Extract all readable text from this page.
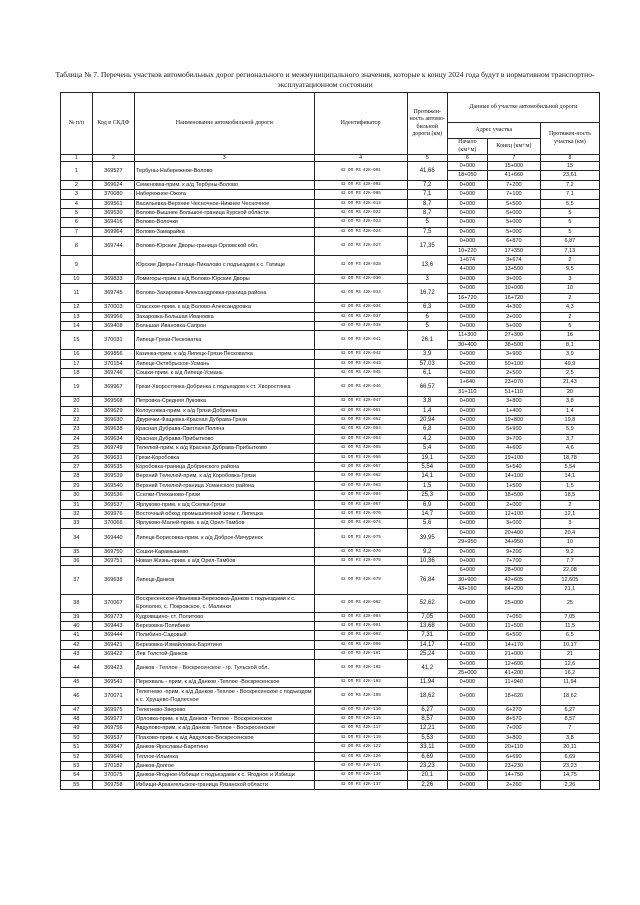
Таблица № 7. Перечень участков автомобильных дорог регионального и межмуниципального значения, которые к концу 2024 года будут в нормативном транспортно-эксплуатационном состоянии
№ п/п	Код в СКДФ	Наименование автомобильной дороги	Идентификатор	Протяжен-ность автомо-бильной дороги (км)	Данные об участке автомобильной дороги		
					Адрес участка		Протяжен-ность участка (км)
					Начало (км+м)	Конец (км+м)	
1	2	3	4	5	6	7	8
1	369527	Тербуны-Набережное-Волово	42 ОП РЗ 42К-001	41,66	0+000	15+000	15
					18+050	41+660	23,61
2	369624	Семеновка-прим. к а/д Тербуны-Волово	42 ОП РЗ 42К-002	7,2	0+000	7+200	7,2
3	370080	Набережное-Ожога	42 ОП РЗ 42К-005	7,1	0+000	7+100	7,1
4	369561	Васильевка-Верхнее Чесночное-Нижнее Чесночное	42 ОП РЗ 42К-013	8,7	0+000	5+500	5,5
5	369530	Волово-Вышнее Большое-граница Курской области	42 ОП РЗ 42К-022	8,7	0+000	5+000	5
6	369416	Волово-Волочки	42 ОП РЗ 42К-023	5	0+000	5+000	5
7	369964	Волово-Замарайка	42 ОП РЗ 42К-024	7,5	0+000	5+000	5
8	369744	Волово-Юрские Дворы-граница Орловской обл.	42 ОП РЗ 42К-027	17,35	0+000	6+870	6,87
					10+220	17+350	7,13
9		Юрские Дворы-Гатище-Пикалово с подъездом к с. Гатище	42 ОП РЗ 42К-028	13,6	1+674	3+674	2
					4+000	13+500	9,5
10	369833	Ломигоры-прим.к а/д Волово-Юрские Дворы	42 ОП РЗ 42К-030	3	0+000	3+000	3
11	369745	Волово-Захаровка-Александровка-граница района	42 ОП РЗ 42К-033	16,72	0+000	10+000	10
					16+720	16+720	2
12	370003	Спасское-прим. к а/д Волово-Александровка	42 ОП РЗ 42К-034	6,3	0+000	4+300	4,3
13	369966	Захаровка-Большая Ивановка	42 ОП РЗ 42К-037	6	0+000	2+000	2
14	369408	Большая Ивановка-Сапрон	42 ОП РЗ 42К-038	5	0+000	5+000	5
15	370031	Липецк-Грязи-Песковатка	42 ОП РЗ 42К-041	26,1	11+300	27+300	16
					30+400	38+500	8,1
16	369856	Казинка-прим. к а/д Липецк-Грязи-Песковатка	42 ОП РЗ 42К-042	3,9	0+000	3+900	3,9
17	370154	Липецк-Октябрьское-Усмань	42 ОП РЗ 42К-043	57,03	0+200	50+100	49,9
18	369746	Сошки-прим. к а/д Липецк-Усмань	42 ОП РЗ 42К-045	6,1	0+000	2+500	2,5
19	369967	Грязи-Хворостянка-Добринка с подъездом к ст. Хворостянка	42 ОП РЗ 42К-046	66,57	1+640	23+070	21,43
					31+110	51+110	20
20	369568	Петровка-Средняя Луковка	42 ОП РЗ 42К-047	3,8	0+000	3+800	3,8
21	369629	Колоусовка-прим. к а/д Грязи-Добринка	42 ОП РЗ 42К-051	1,4	0+000	1+400	1,4
22	369630	Двуречки-Фащевка-Красная Дубрава-Грязи	42 ОП РЗ 42К-052	20,94	0+000	19+800	19,8
23	369638	Красная Дубрава-Светлая Поляна	42 ОП РЗ 42К-053	6,8	0+000	5+900	5,9
24	369634	Красная Дубрава-Прибытково	42 ОП РЗ 42К-054	4,2	0+000	3+700	3,7
25	369749	Телелюй-прим. к а/д Красная Дубрава-Прибытково	42 ОП РЗ 42К-055	5,4	0+000	4+600	4,6
26	369631	Грязи-Коробовка	42 ОП РЗ 42К-056	19,1	0+320	19+100	18,78
27	369535	Коробовка-граница Добринского района	42 ОП РЗ 42К-057	5,54	0+000	5+540	5,54
28	369539	Верхний Телелюй-прим. к а/д Коробовка-Грязи	42 ОП РЗ 42К-062	14,1	0+000	14+100	14,1
29	369540	Верхний Телелюй-граница Усманского района	42 ОП РЗ 42К-063	1,5	0+000	1+500	1,5
30	369536	Сселки-Плеханово-Грязи	42 ОП РЗ 42К-064	25,3	0+000	18+500	18,5
31	369537	Ярлуково-прим. к а/д Сселки-Грязи	42 ОП РЗ 42К-067	6,9	0+000	2+000	2
32	369976	Восточный обход промышленной зоны г. Липецка	42 ОП РЗ 42К-070	14,7	0+000	12+100	12,1
33	370066	Ярлуково-Малей-прим. к а/д Орел-Тамбов	42 ОП РЗ 42К-074	5,6	0+000	3+000	3
34	369440	Липецк-Борисовка-прим. к а/д Доброе-Мичуринск	42 ОП РЗ 42К-075	39,95	0+000	20+400	20,4
					29+950	34+950	10
35	369750	Сошки-Карамышево	42 ОП РЗ 42К-076	9,2	0+000	9+200	9,2
36	369751	Новая Жизнь-прим. к а/д Орел-Тамбов	42 ОП РЗ 42К-078	10,36	0+000	7+700	7,7
37	369638	Липецк-Данков	42 ОП РЗ 42К-079	76,84	6+000	28+000	22,08
					30+900	42+605	12,605
					43+160	64+200	21,1
38	370067	Воскресенское-Ивановка-Березовка-Данков с подъездами к с. Ерополно, с. Покровское, с. Малинки	42 ОП РЗ 42К-082	52,62	0+000	25+000	25
39	369773	Кудрявщино- ст. Политово	42 ОП РЗ 42К-084	7,05	0+000	7+050	7,05
40	369443	Березовка-Полибино	42 ОП РЗ 42К-091	13,68	0+000	11+500	11,5
41	369444	Полибино-Садовый	42 ОП РЗ 42К-092	7,31	0+000	6+500	6,5
42	369421	Березовка-Измайловка-Барятино	42 ОП РЗ 42К-096	14,17	4+000	14+170	10,17
43	369422	Лев Толстой-Данков	42 ОП РЗ 42К-101	25,24	0+000	21+000	21
44	369423	Данков - Теплое - Воскресенское - гр. Тульской обл.	42 ОП РЗ 42К-102	41,2	0+000	12+600	12,6
					25+000	41+200	16,2
45	369541	Перехваль - прим. к а/д Данков -Теплое -Воскресенское	42 ОП РЗ 42К-103	11,94	0+000	11+940	11,94
46	370071	Телегнево -прим. к а/д Данков -Теплое - Воскресенское с подъездом к с. Хрущево-Подлесное	42 ОП РЗ 42К-109	18,62	0+000	18+620	18,62
47	369975	Телегнево-Зверево	42 ОП РЗ 42К-110	6,27	0+000	6+270	6,27
48	369977	Орловка-прим. к а/д Данков -Теплое - Воскресенское	42 ОП РЗ 42К-115	8,57	0+000	8+570	8,57
49	369756	Авдулово-прим. к а/д Данков -Теплое - Воскресенское	42 ОП РЗ 42К-117	12,21	0+000	7+000	7
50	369537	Плахово-прим. к а/д Авдулово-Воскресенское	42 ОП РЗ 42К-119	5,53	0+000	3+800	3,8
51	369847	Данков-Ярославы-Барятино	42 ОП РЗ 42К-122	33,11	0+000	20+110	20,11
52	369646	Теплое-Ильинка	42 ОП РЗ 42К-126	6,69	0+000	6+690	6,69
53	370182	Данков-Долгое	42 ОП РЗ 42К-131	23,23	0+000	23+230	23,23
54	370075	Данков-Ягодное-Избищи с подъездами к с. Ягодное и Избищи	42 ОП РЗ 42К-136	20,1	0+000	14+750	14,75
55	369758	Избищи-Архангельское-граница Рязанской области	42 ОП РЗ 42К-137	2,26	0+000	2+260	2,26
